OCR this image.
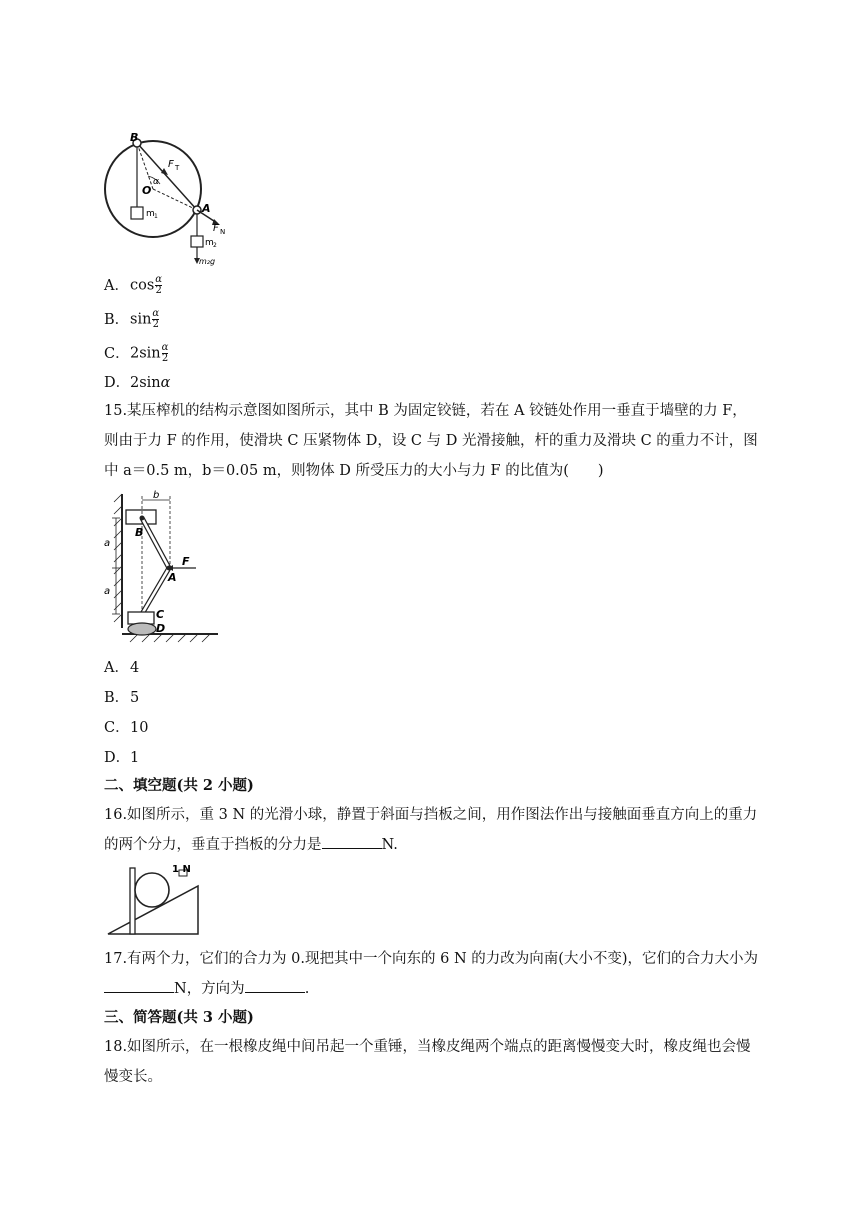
B
O
α
A
F T
F N
m 1
m 2
m₂g
A．$\cos \frac{\alpha}{2}$
B．$\sin \frac{\alpha}{2}$
C．$2\sin \frac{\alpha}{2}$
D．2sinα
15.某压榨机的结构示意图如图所示，其中 B 为固定铰链，若在 A 铰链处作用一垂直于墙壁的力 F，则由于力 F 的作用，使滑块 C 压紧物体 D，设 C 与 D 光滑接触，杆的重力及滑块 C 的重力不计，图中 a＝0.5 m，b＝0.05 m，则物体 D 所受压力的大小与力 F 的比值为(　　)
b
a
a
B
A
F
C
D
A．4
B．5
C．10
D．1
二、填空题(共 2 小题)
16.如图所示，重 3 N 的光滑小球，静置于斜面与挡板之间，用作图法作出与接触面垂直方向上的重力的两个分力，垂直于挡板的分力是	N.
1 N
17.有两个力，它们的合力为 0.现把其中一个向东的 6 N 的力改为向南(大小不变)，它们的合力大小为N，方向为	.
三、简答题(共 3 小题)
18.如图所示，在一根橡皮绳中间吊起一个重锤，当橡皮绳两个端点的距离慢慢变大时，橡皮绳也会慢慢变长。
